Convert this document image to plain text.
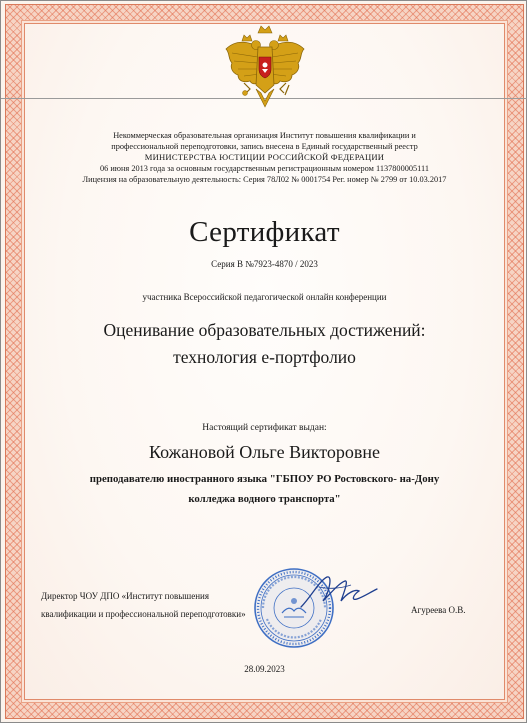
Некоммерческая образовательная организация Институт повышения квалификации и
профессиональной переподготовки, запись внесена в Единый государственный реестр
МИНИСТЕРСТВА ЮСТИЦИИ РОССИЙСКОЙ ФЕДЕРАЦИИ
06 июня 2013 года за основным государственным регистрационным номером 1137800005111
Лицензия на образовательную деятельность: Серия 78Л02 № 0001754 Рег. номер № 2799 от 10.03.2017
Сертификат
Серия В №7923-4870 / 2023
участника Всероссийской педагогической онлайн конференции
Оценивание образовательных достижений:
технология е-портфолио
Настоящий сертификат выдан:
Кожановой Ольге Викторовне
преподавателю иностранного языка "ГБПОУ РО Ростовского- на-Дону
колледжа водного транспорта"
Директор ЧОУ ДПО «Институт повышения
квалификации и профессиональной переподготовки»	Агуреева О.В.
28.09.2023
